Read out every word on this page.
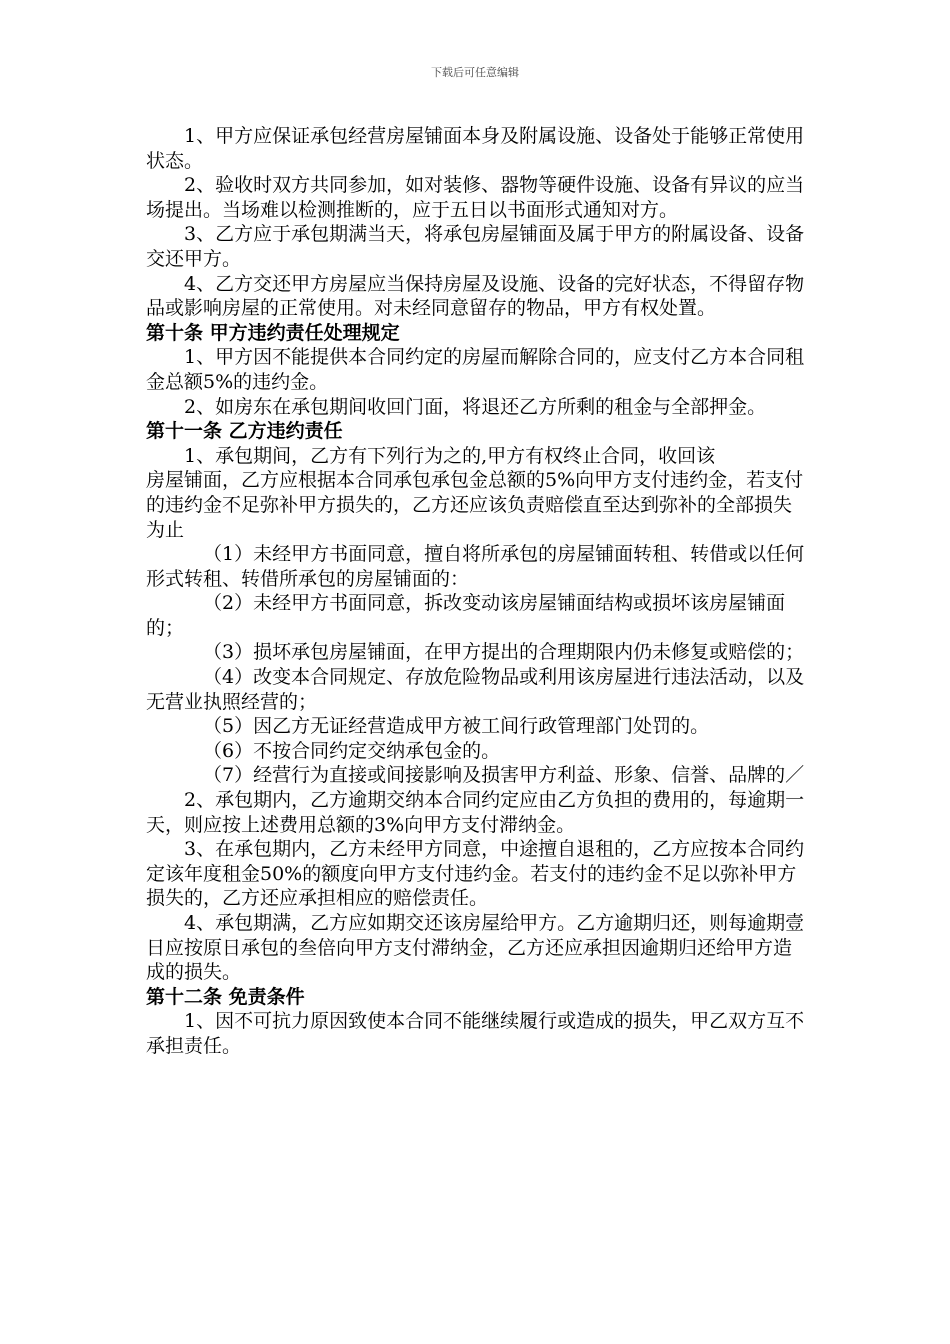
下载后可任意编辑

1、甲方应保证承包经营房屋铺面本身及附属设施、设备处于能够正常使用状态。

2、验收时双方共同参加，如对装修、器物等硬件设施、设备有异议的应当场提出。当场难以检测推断的，应于五日以书面形式通知对方。

3、乙方应于承包期满当天，将承包房屋铺面及属于甲方的附属设备、设备交还甲方。

4、乙方交还甲方房屋应当保持房屋及设施、设备的完好状态，不得留存物品或影响房屋的正常使用。对未经同意留存的物品，甲方有权处置。

第十条 甲方违约责任处理规定

1、甲方因不能提供本合同约定的房屋而解除合同的，应支付乙方本合同租金总额5%的违约金。

2、如房东在承包期间收回门面，将退还乙方所剩的租金与全部押金。

第十一条 乙方违约责任

1、承包期间，乙方有下列行为之的,甲方有权终止合同，收回该

房屋铺面，乙方应根据本合同承包承包金总额的5%向甲方支付违约金，若支付的违约金不足弥补甲方损失的，乙方还应该负责赔偿直至达到弥补的全部损失为止

（1）未经甲方书面同意，擅自将所承包的房屋铺面转租、转借或以任何形式转租、转借所承包的房屋铺面的：

（2）未经甲方书面同意，拆改变动该房屋铺面结构或损坏该房屋铺面的；

（3）损坏承包房屋铺面，在甲方提出的合理期限内仍未修复或赔偿的；

（4）改变本合同规定、存放危险物品或利用该房屋进行违法活动，以及无营业执照经营的；

（5）因乙方无证经营造成甲方被工间行政管理部门处罚的。

（6）不按合同约定交纳承包金的。

（7）经营行为直接或间接影响及损害甲方利益、形象、信誉、品牌的／

2、承包期内，乙方逾期交纳本合同约定应由乙方负担的费用的，每逾期一天，则应按上述费用总额的3%向甲方支付滞纳金。

3、在承包期内，乙方未经甲方同意，中途擅自退租的，乙方应按本合同约定该年度租金50%的额度向甲方支付违约金。若支付的违约金不足以弥补甲方损失的，乙方还应承担相应的赔偿责任。

4、承包期满，乙方应如期交还该房屋给甲方。乙方逾期归还，则每逾期壹日应按原日承包的叁倍向甲方支付滞纳金，乙方还应承担因逾期归还给甲方造成的损失。

第十二条 免责条件

1、因不可抗力原因致使本合同不能继续履行或造成的损失，甲乙双方互不承担责任。
